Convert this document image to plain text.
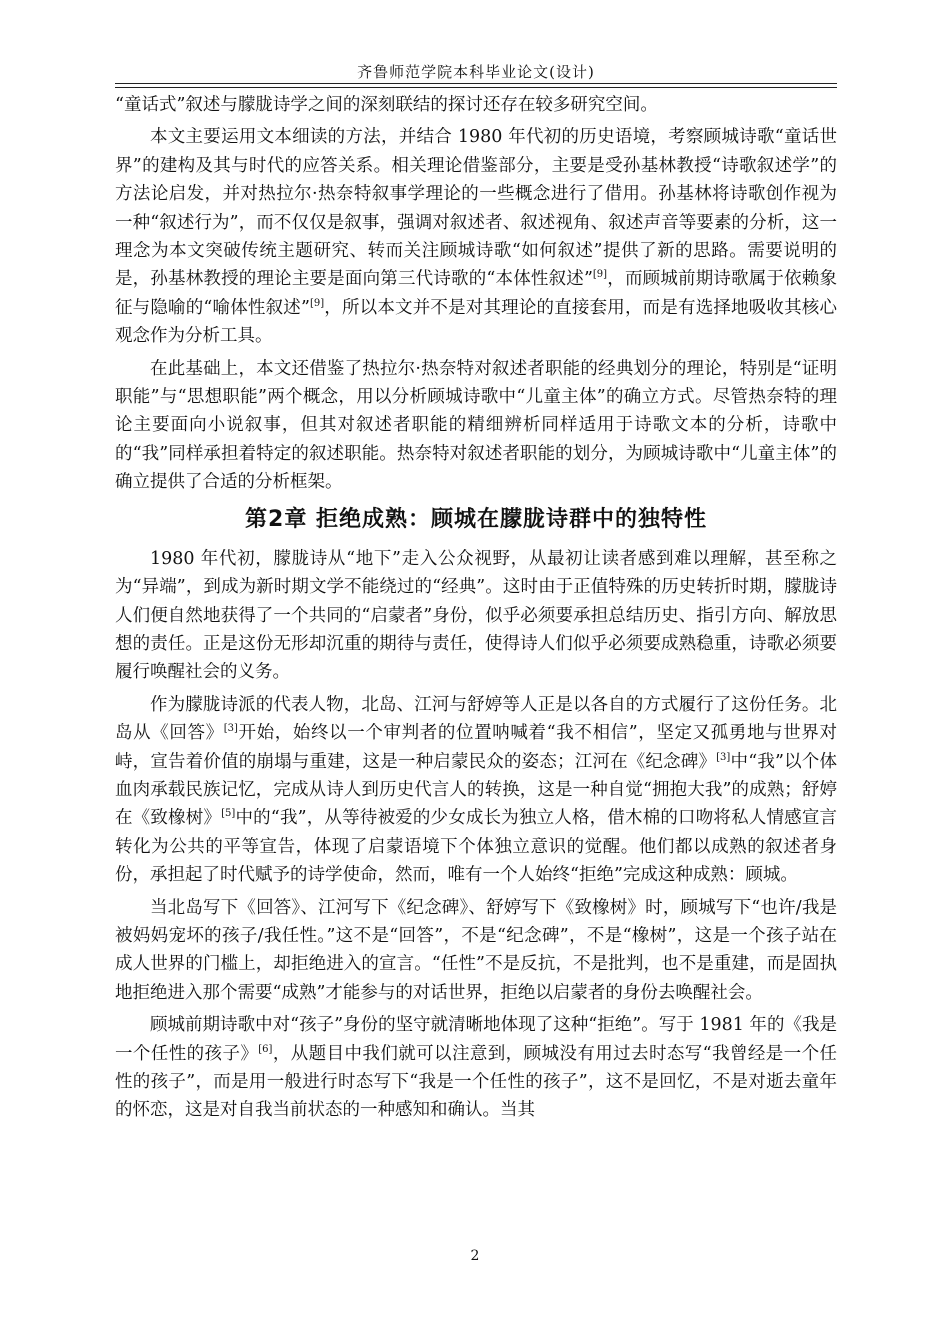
齐鲁师范学院本科毕业论文(设计)

“童话式”叙述与朦胧诗学之间的深刻联结的探讨还存在较多研究空间。

本文主要运用文本细读的方法，并结合 1980 年代初的历史语境，考察顾城诗歌“童话世界”的建构及其与时代的应答关系。相关理论借鉴部分，主要是受孙基林教授“诗歌叙述学”的方法论启发，并对热拉尔·热奈特叙事学理论的一些概念进行了借用。孙基林将诗歌创作视为一种“叙述行为”，而不仅仅是叙事，强调对叙述者、叙述视角、叙述声音等要素的分析，这一理念为本文突破传统主题研究、转而关注顾城诗歌“如何叙述”提供了新的思路。需要说明的是，孙基林教授的理论主要是面向第三代诗歌的“本体性叙述”[9]，而顾城前期诗歌属于依赖象征与隐喻的“喻体性叙述”[9]，所以本文并不是对其理论的直接套用，而是有选择地吸收其核心观念作为分析工具。

在此基础上，本文还借鉴了热拉尔·热奈特对叙述者职能的经典划分的理论，特别是“证明职能”与“思想职能”两个概念，用以分析顾城诗歌中“儿童主体”的确立方式。尽管热奈特的理论主要面向小说叙事，但其对叙述者职能的精细辨析同样适用于诗歌文本的分析，诗歌中的“我”同样承担着特定的叙述职能。热奈特对叙述者职能的划分，为顾城诗歌中“儿童主体”的确立提供了合适的分析框架。

第2章 拒绝成熟：顾城在朦胧诗群中的独特性

1980 年代初，朦胧诗从“地下”走入公众视野，从最初让读者感到难以理解，甚至称之为“异端”，到成为新时期文学不能绕过的“经典”。这时由于正值特殊的历史转折时期，朦胧诗人们便自然地获得了一个共同的“启蒙者”身份，似乎必须要承担总结历史、指引方向、解放思想的责任。正是这份无形却沉重的期待与责任，使得诗人们似乎必须要成熟稳重，诗歌必须要履行唤醒社会的义务。

作为朦胧诗派的代表人物，北岛、江河与舒婷等人正是以各自的方式履行了这份任务。北岛从《回答》[3]开始，始终以一个审判者的位置呐喊着“我不相信”，坚定又孤勇地与世界对峙，宣告着价值的崩塌与重建，这是一种启蒙民众的姿态；江河在《纪念碑》[3]中“我”以个体血肉承载民族记忆，完成从诗人到历史代言人的转换，这是一种自觉“拥抱大我”的成熟；舒婷在《致橡树》[5]中的“我”，从等待被爱的少女成长为独立人格，借木棉的口吻将私人情感宣言转化为公共的平等宣告，体现了启蒙语境下个体独立意识的觉醒。他们都以成熟的叙述者身份，承担起了时代赋予的诗学使命，然而，唯有一个人始终“拒绝”完成这种成熟：顾城。

当北岛写下《回答》、江河写下《纪念碑》、舒婷写下《致橡树》时，顾城写下“也许/我是被妈妈宠坏的孩子/我任性。”这不是“回答”，不是“纪念碑”，不是“橡树”，这是一个孩子站在成人世界的门槛上，却拒绝进入的宣言。“任性”不是反抗，不是批判，也不是重建，而是固执地拒绝进入那个需要“成熟”才能参与的对话世界，拒绝以启蒙者的身份去唤醒社会。

顾城前期诗歌中对“孩子”身份的坚守就清晰地体现了这种“拒绝”。写于 1981 年的《我是一个任性的孩子》[6]，从题目中我们就可以注意到，顾城没有用过去时态写“我曾经是一个任性的孩子”，而是用一般进行时态写下“我是一个任性的孩子”，这不是回忆，不是对逝去童年的怀恋，这是对自我当前状态的一种感知和确认。当其

2
